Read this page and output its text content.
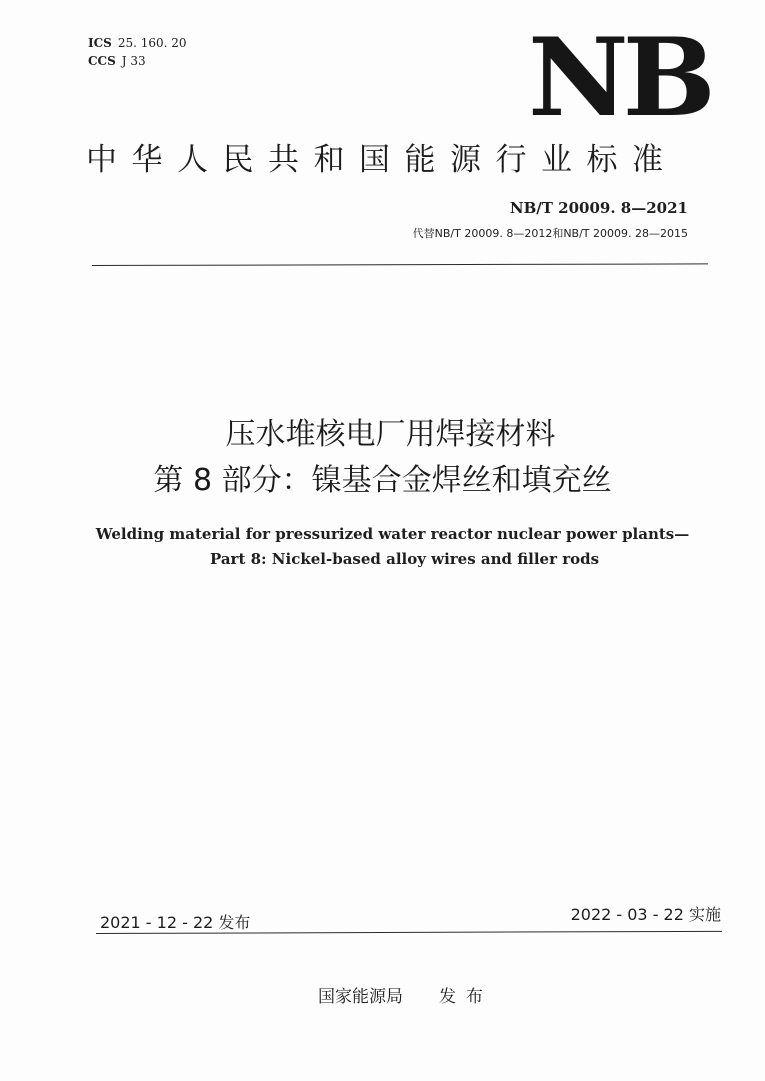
ICS 25. 160. 20
CCS J 33	NB
中华人民共和国能源行业标准
NB/T 20009. 8—2021
代替NB/T 20009. 8—2012和NB/T 20009. 28—2015
压水堆核电厂用焊接材料
第 8 部分：镍基合金焊丝和填充丝
Welding material for pressurized water reactor nuclear power plants—
Part 8: Nickel-based alloy wires and filler rods
2021 - 12 - 22 发布	2022 - 03 - 22 实施
国家能源局 发布
